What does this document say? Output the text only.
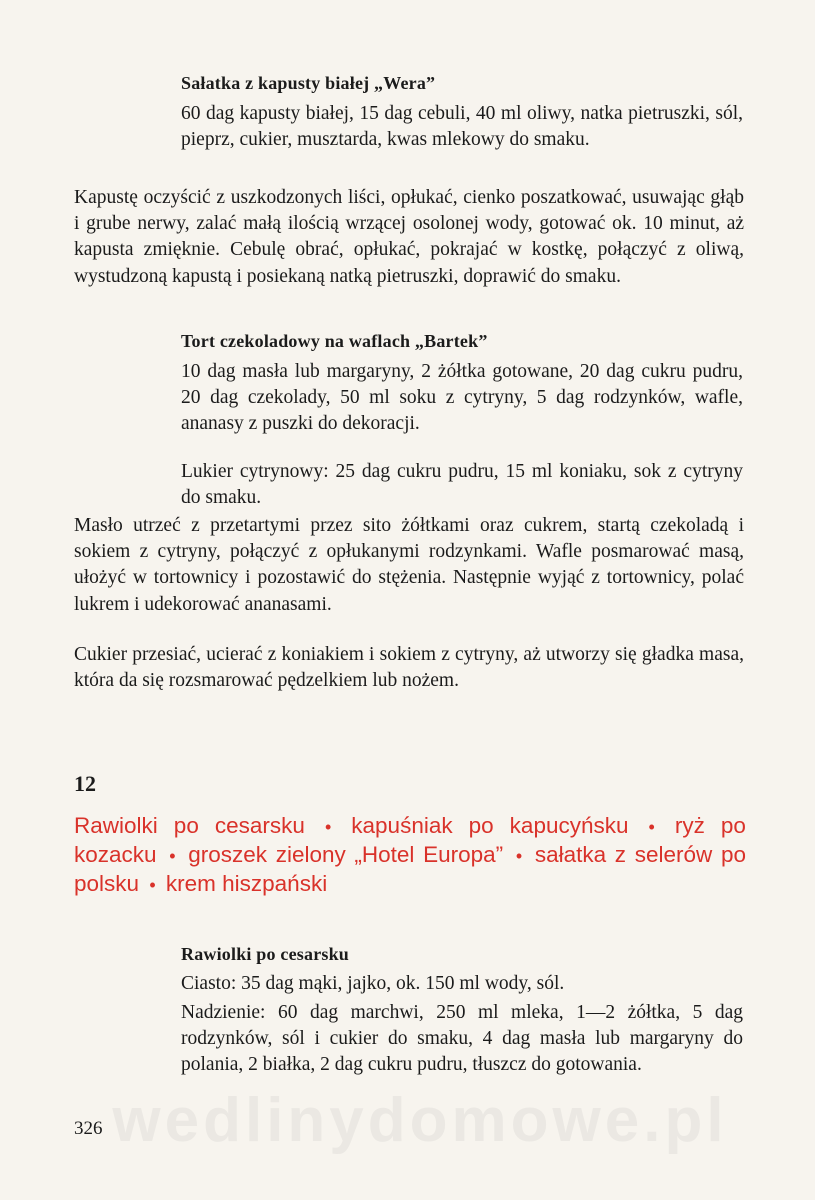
Sałatka z kapusty białej „Wera”

60 dag kapusty białej, 15 dag cebuli, 40 ml oliwy, natka pietruszki, sól, pieprz, cukier, musztarda, kwas mlekowy do smaku.

Kapustę oczyścić z uszkodzonych liści, opłukać, cienko poszatkować, usuwając głąb i grube nerwy, zalać małą ilością wrzącej osolonej wody, gotować ok. 10 minut, aż kapusta zmięknie. Cebulę obrać, opłukać, pokrajać w kostkę, połączyć z oliwą, wystudzoną kapustą i posiekaną natką pietruszki, doprawić do smaku.

Tort czekoladowy na waflach „Bartek”

10 dag masła lub margaryny, 2 żółtka gotowane, 20 dag cukru pudru, 20 dag czekolady, 50 ml soku z cytryny, 5 dag rodzynków, wafle, ananasy z puszki do dekoracji.

Lukier cytrynowy: 25 dag cukru pudru, 15 ml koniaku, sok z cytryny do smaku.

Masło utrzeć z przetartymi przez sito żółtkami oraz cukrem, startą czekoladą i sokiem z cytryny, połączyć z opłukanymi rodzynkami. Wafle posmarować masą, ułożyć w tortownicy i pozostawić do stężenia. Następnie wyjąć z tortownicy, polać lukrem i udekorować ananasami.

Cukier przesiać, ucierać z koniakiem i sokiem z cytryny, aż utworzy się gładka masa, która da się rozsmarować pędzelkiem lub nożem.

12
Rawiolki po cesarsku • kapuśniak po kapucyńsku • ryż po kozacku • groszek zielony „Hotel Europa” • sałatka z selerów po polsku • krem hiszpański
Rawiolki po cesarsku

Ciasto: 35 dag mąki, jajko, ok. 150 ml wody, sól.

Nadzienie: 60 dag marchwi, 250 ml mleka, 1—2 żółtka, 5 dag rodzynków, sól i cukier do smaku, 4 dag masła lub margaryny do polania, 2 białka, 2 dag cukru pudru, tłuszcz do gotowania.

wedlinydomowe.pl
326
